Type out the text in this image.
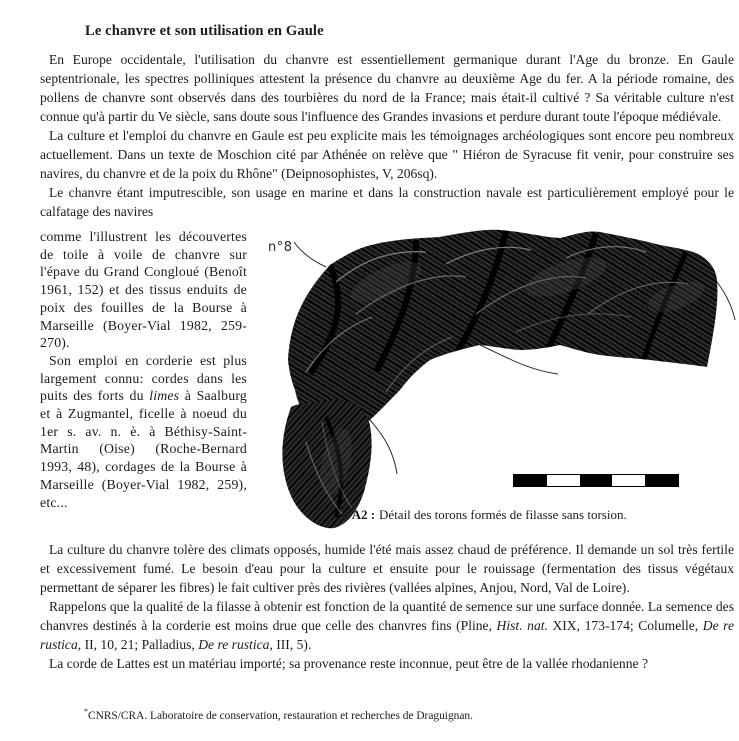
Le chanvre et son utilisation en Gaule

En Europe occidentale, l'utilisation du chanvre est essentiellement germanique durant l'Age du bronze. En Gaule septentrionale, les spectres polliniques attestent la présence du chanvre au deuxième Age du fer. A la période romaine, des pollens de chanvre sont observés dans des tourbières du nord de la France; mais était-il cultivé ? Sa véritable culture n'est connue qu'à partir du Ve siècle, sans doute sous l'influence des Grandes invasions et perdure durant toute l'époque médiévale.

La culture et l'emploi du chanvre en Gaule est peu explicite mais les témoignages archéologiques sont encore peu nombreux actuellement. Dans un texte de Moschion cité par Athénée on relève que " Hiéron de Syracuse fit venir, pour construire ses navires, du chanvre et de la poix du Rhône" (Deipnosophistes, V, 206sq).

Le chanvre étant imputrescible, son usage en marine et dans la construction navale est particulièrement employé pour le calfatage des navires

comme l'illustrent les découvertes de toile à voile de chanvre sur l'épave du Grand Congloué (Benoît 1961, 152) et des tissus enduits de poix des fouilles de la Bourse à Marseille (Boyer-Vial 1982, 259-270).

Son emploi en corderie est plus largement connu: cordes dans les puits des forts du limes à Saalburg et à Zugmantel, ficelle à noeud du 1er s. av. n. è. à Béthisy-Saint-Martin (Oise) (Roche-Bernard 1993, 48), cordages de la Bourse à Marseille (Boyer-Vial 1982, 259), etc...

n°8
• A2 : Détail des torons formés de filasse sans torsion.

La culture du chanvre tolère des climats opposés, humide l'été mais assez chaud de préférence. Il demande un sol très fertile et excessivement fumé. Le besoin d'eau pour la culture et ensuite pour le rouissage (fermentation des tissus végétaux permettant de séparer les fibres) le fait cultiver près des rivières (vallées alpines, Anjou, Nord, Val de Loire).

Rappelons que la qualité de la filasse à obtenir est fonction de la quantité de semence sur une surface donnée. La semence des chanvres destinés à la corderie est moins drue que celle des chanvres fins (Pline, Hist. nat. XIX, 173-174; Columelle, De re rustica, II, 10, 21; Palladius, De re rustica, III, 5).

La corde de Lattes est un matériau importé; sa provenance reste inconnue, peut être de la vallée rhodanienne ?

*CNRS/CRA. Laboratoire de conservation, restauration et recherches de Draguignan.
